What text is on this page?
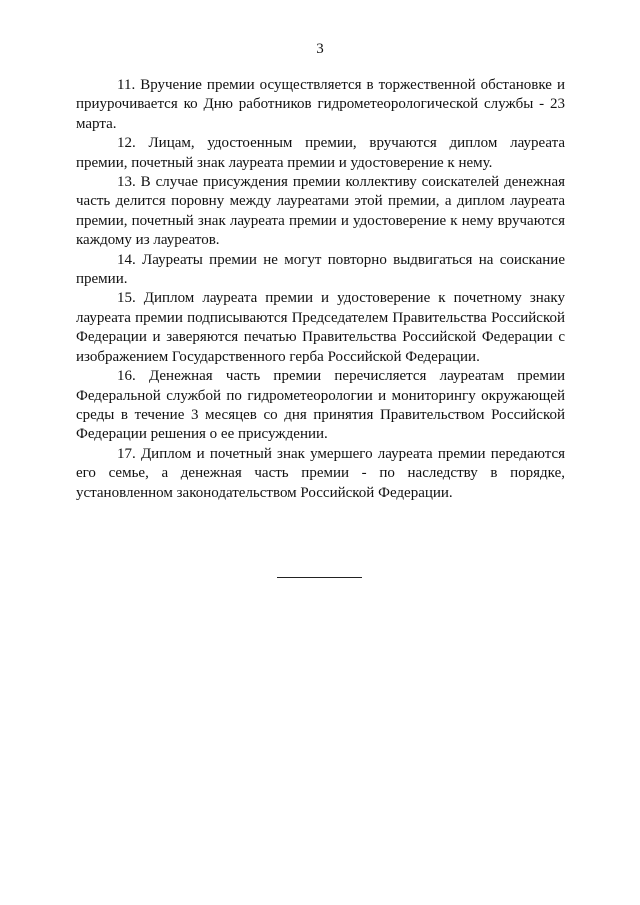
3

11. Вручение премии осуществляется в торжественной обстановке и приурочивается ко Дню работников гидрометеорологической службы - 23 марта.

12. Лицам, удостоенным премии, вручаются диплом лауреата премии, почетный знак лауреата премии и удостоверение к нему.

13. В случае присуждения премии коллективу соискателей денежная часть делится поровну между лауреатами этой премии, а диплом лауреата премии, почетный знак лауреата премии и удостоверение к нему вручаются каждому из лауреатов.

14. Лауреаты премии не могут повторно выдвигаться на соискание премии.

15. Диплом лауреата премии и удостоверение к почетному знаку лауреата премии подписываются Председателем Правительства Российской Федерации и заверяются печатью Правительства Российской Федерации с изображением Государственного герба Российской Федерации.

16. Денежная часть премии перечисляется лауреатам премии Федеральной службой по гидрометеорологии и мониторингу окружающей среды в течение 3 месяцев со дня принятия Правительством Российской Федерации решения о ее присуждении.

17. Диплом и почетный знак умершего лауреата премии передаются его семье, а денежная часть премии - по наследству в порядке, установленном законодательством Российской Федерации.
